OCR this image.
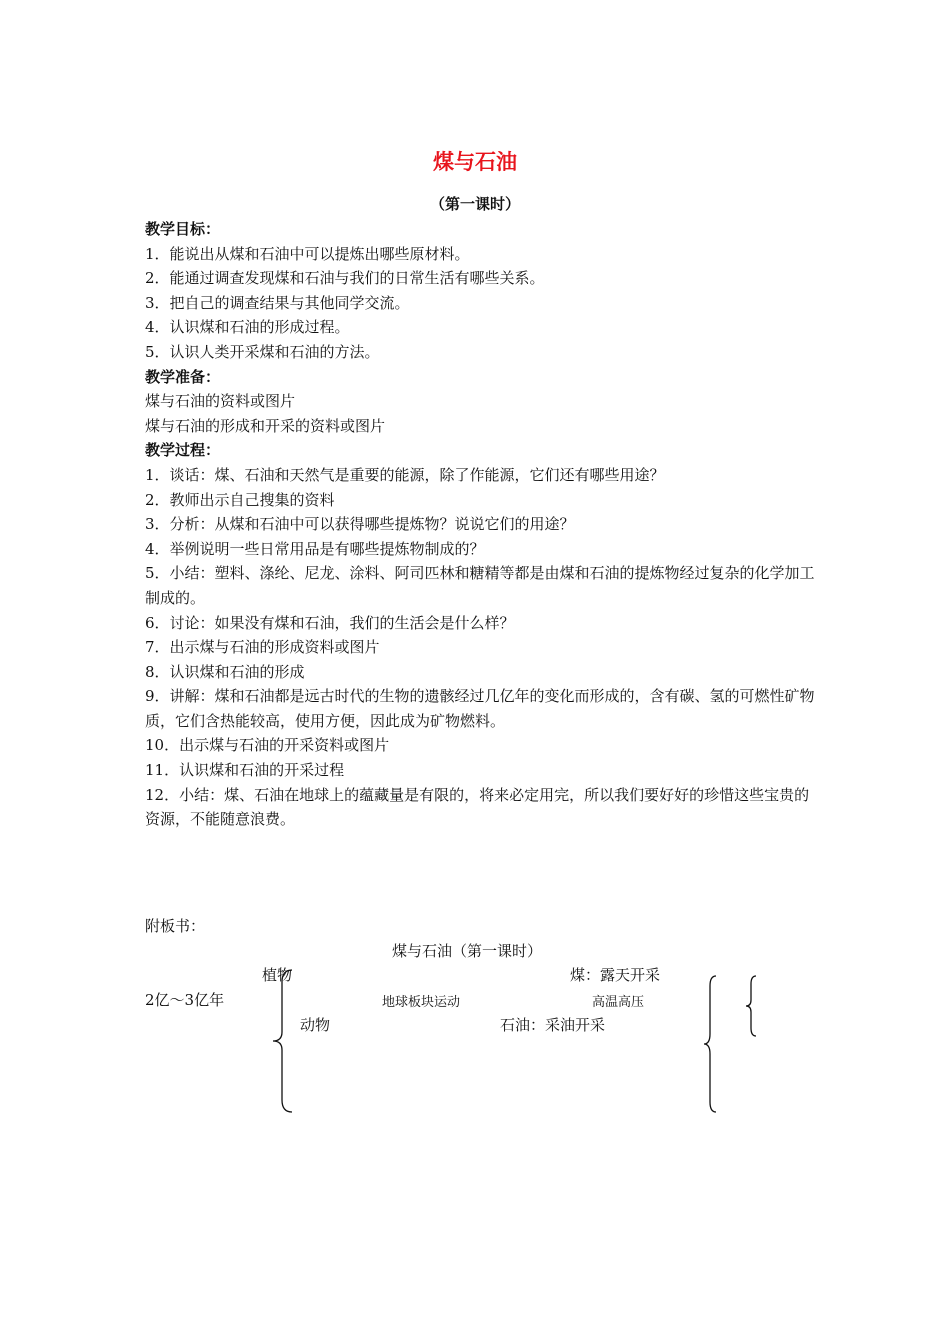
煤与石油
（第一课时）

教学目标：

1．能说出从煤和石油中可以提炼出哪些原材料。

2．能通过调查发现煤和石油与我们的日常生活有哪些关系。

3．把自己的调查结果与其他同学交流。

4．认识煤和石油的形成过程。

5．认识人类开采煤和石油的方法。

教学准备：

煤与石油的资料或图片

煤与石油的形成和开采的资料或图片

教学过程：

1．谈话：煤、石油和天然气是重要的能源，除了作能源，它们还有哪些用途？

2．教师出示自己搜集的资料

3．分析：从煤和石油中可以获得哪些提炼物？说说它们的用途？

4．举例说明一些日常用品是有哪些提炼物制成的？

5．小结：塑料、涤纶、尼龙、涂料、阿司匹林和糖精等都是由煤和石油的提炼物经过复杂的化学加工制成的。

6．讨论：如果没有煤和石油，我们的生活会是什么样？

7．出示煤与石油的形成资料或图片

8．认识煤和石油的形成

9．讲解：煤和石油都是远古时代的生物的遗骸经过几亿年的变化而形成的，含有碳、氢的可燃性矿物质，它们含热能较高，使用方便，因此成为矿物燃料。

10．出示煤与石油的开采资料或图片

11．认识煤和石油的开采过程

12．小结：煤、石油在地球上的蕴藏量是有限的，将来必定用完，所以我们要好好的珍惜这些宝贵的资源，不能随意浪费。

附板书：
煤与石油（第一课时）
植物
2亿～3亿年
动物
地球板块运动	高温高压
煤：露天开采
石油：采油开采
